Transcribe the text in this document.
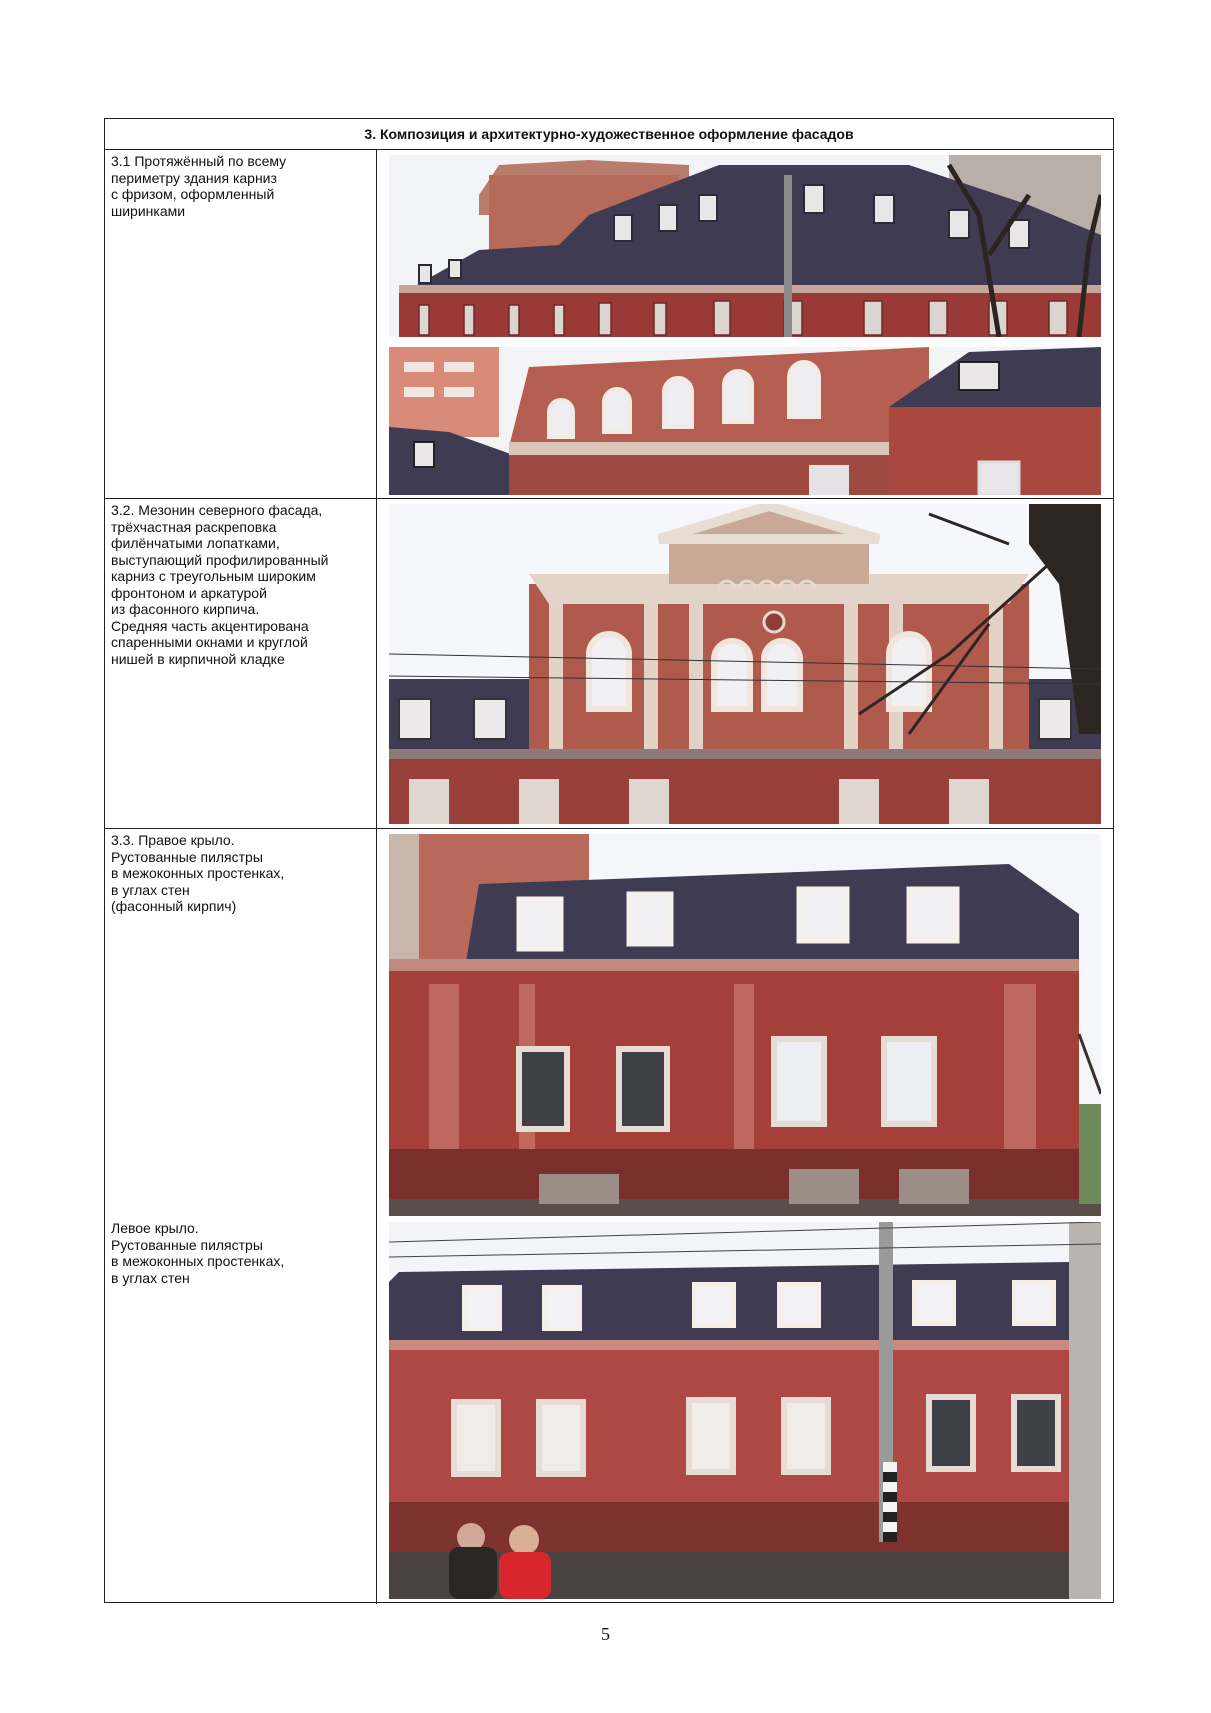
3. Композиция и архитектурно-художественное оформление фасадов
3.1 Протяжённый по всему
периметру здания карниз
с фризом, оформленный
ширинками
3.2. Мезонин северного фасада,
трёхчастная раскреповка
филёнчатыми лопатками,
выступающий профилированный
карниз с треугольным широким
фронтоном и аркатурой
из фасонного кирпича.
Средняя часть акцентирована
спаренными окнами и круглой
нишей в кирпичной кладке
3.3. Правое крыло.
Рустованные пилястры
в межоконных простенках,
в углах стен
(фасонный кирпич)
Левое крыло.
Рустованные пилястры
в межоконных простенках,
в углах стен
5
